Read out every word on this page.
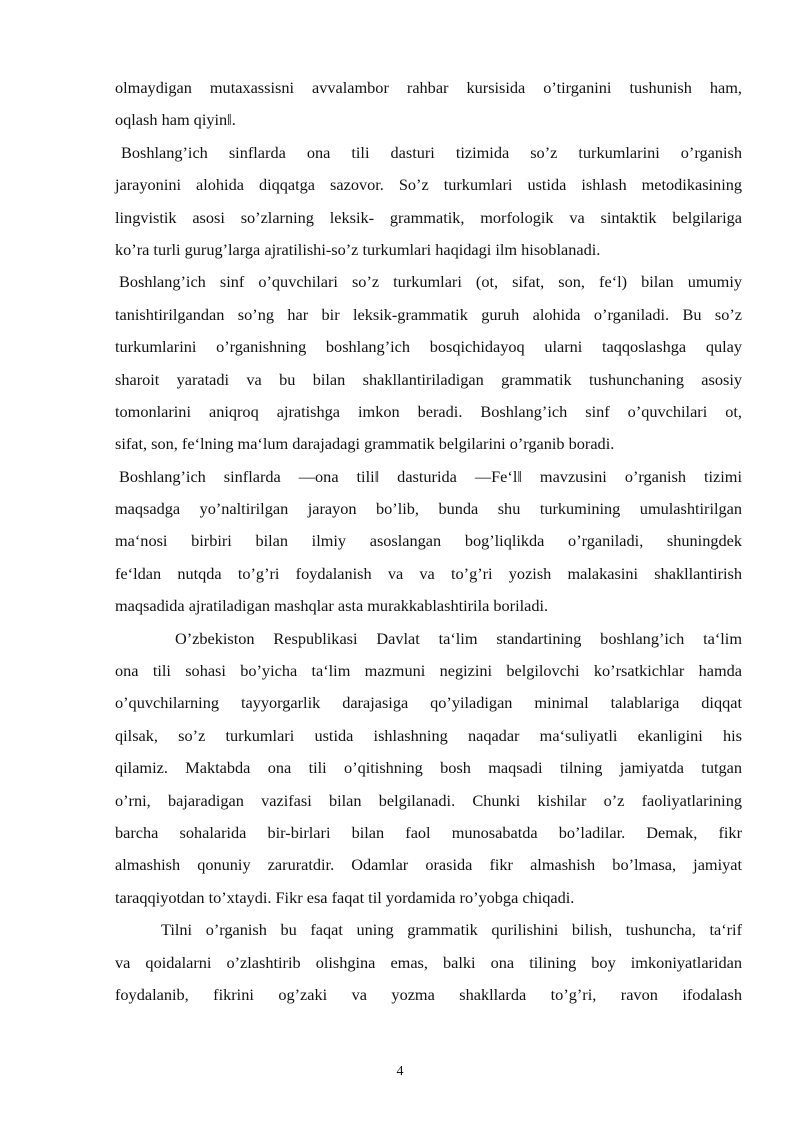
olmaydigan mutaxassisni avvalambor rahbar kursisida o’tirganini tushunish ham,
oqlash ham qiyin‖.
Boshlang’ich sinflarda ona tili dasturi tizimida so’z turkumlarini o’rganish
jarayonini alohida diqqatga sazovor. So’z turkumlari ustida ishlash metodikasining
lingvistik asosi so’zlarning leksik- grammatik, morfologik va sintaktik belgilariga
ko’ra turli gurug’larga ajratilishi-so’z turkumlari haqidagi ilm hisoblanadi.
Boshlang’ich sinf o’quvchilari so’z turkumlari (ot, sifat, son, fe‘l) bilan umumiy
tanishtirilgandan so’ng har bir leksik-grammatik guruh alohida o’rganiladi. Bu so’z
turkumlarini o’rganishning boshlang’ich bosqichidayoq ularni taqqoslashga qulay
sharoit yaratadi va bu bilan shakllantiriladigan grammatik tushunchaning asosiy
tomonlarini aniqroq ajratishga imkon beradi. Boshlang’ich sinf o’quvchilari ot,
sifat, son, fe‘lning ma‘lum darajadagi grammatik belgilarini o’rganib boradi.
Boshlang’ich sinflarda ―ona tili‖ dasturida ―Fe‘l‖ mavzusini o’rganish tizimi
maqsadga yo’naltirilgan jarayon bo’lib, bunda shu turkumining umulashtirilgan
ma‘nosi birbiri bilan ilmiy asoslangan bog’liqlikda o’rganiladi, shuningdek
fe‘ldan nutqda to’g’ri foydalanish va va to’g’ri yozish malakasini shakllantirish
maqsadida ajratiladigan mashqlar asta murakkablashtirila boriladi.
O’zbekiston Respublikasi Davlat ta‘lim standartining boshlang’ich ta‘lim
ona tili sohasi bo’yicha ta‘lim mazmuni negizini belgilovchi ko’rsatkichlar hamda
o’quvchilarning tayyorgarlik darajasiga qo’yiladigan minimal talablariga diqqat
qilsak, so’z turkumlari ustida ishlashning naqadar ma‘suliyatli ekanligini his
qilamiz. Maktabda ona tili o’qitishning bosh maqsadi tilning jamiyatda tutgan
o’rni, bajaradigan vazifasi bilan belgilanadi. Chunki kishilar o’z faoliyatlarining
barcha sohalarida bir-birlari bilan faol munosabatda bo’ladilar. Demak, fikr
almashish qonuniy zaruratdir. Odamlar orasida fikr almashish bo’lmasa, jamiyat
taraqqiyotdan to’xtaydi. Fikr esa faqat til yordamida ro’yobga chiqadi.
Tilni o’rganish bu faqat uning grammatik qurilishini bilish, tushuncha, ta‘rif
va qoidalarni o’zlashtirib olishgina emas, balki ona tilining boy imkoniyatlaridan
foydalanib, fikrini og’zaki va yozma shakllarda to’g’ri, ravon ifodalash
4
